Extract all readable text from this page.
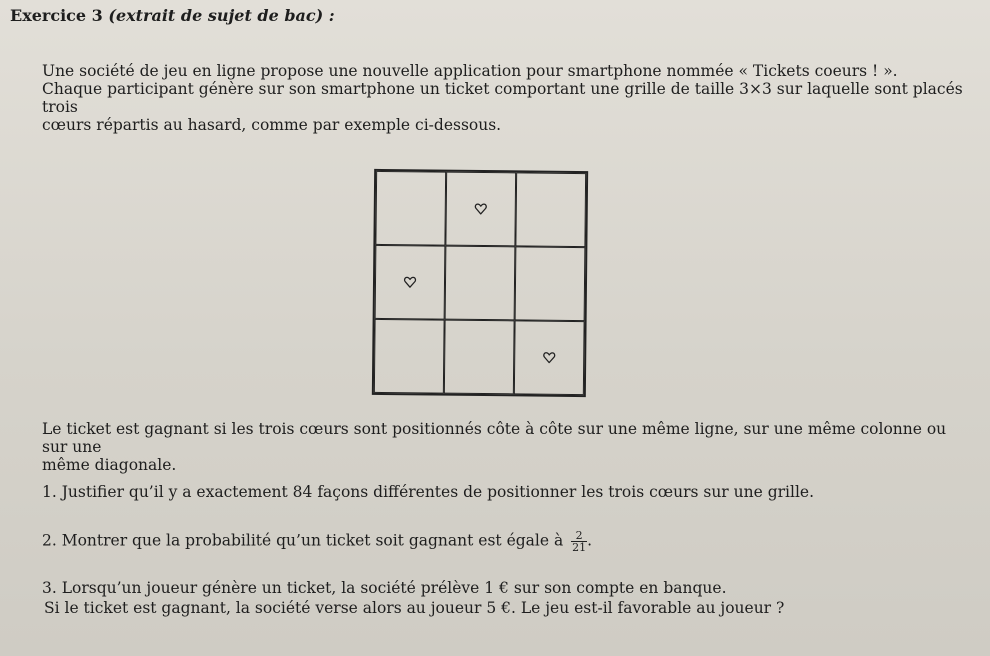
Exercice 3 (extrait de sujet de bac) :
Une société de jeu en ligne propose une nouvelle application pour smartphone nommée « Tickets coeurs ! ».
Chaque participant génère sur son smartphone un ticket comportant une grille de taille 3×3 sur laquelle sont placés trois
cœurs répartis au hasard, comme par exemple ci-dessous.
Le ticket est gagnant si les trois cœurs sont positionnés côte à côte sur une même ligne, sur une même colonne ou sur une
même diagonale.
1. Justifier qu’il y a exactement 84 façons différentes de positionner les trois cœurs sur une grille.
2. Montrer que la probabilité qu’un ticket soit gagnant est égale à $\frac{2}{21}$ .
3. Lorsqu’un joueur génère un ticket, la société prélève 1 € sur son compte en banque.
Si le ticket est gagnant, la société verse alors au joueur 5 €. Le jeu est-il favorable au joueur ?
